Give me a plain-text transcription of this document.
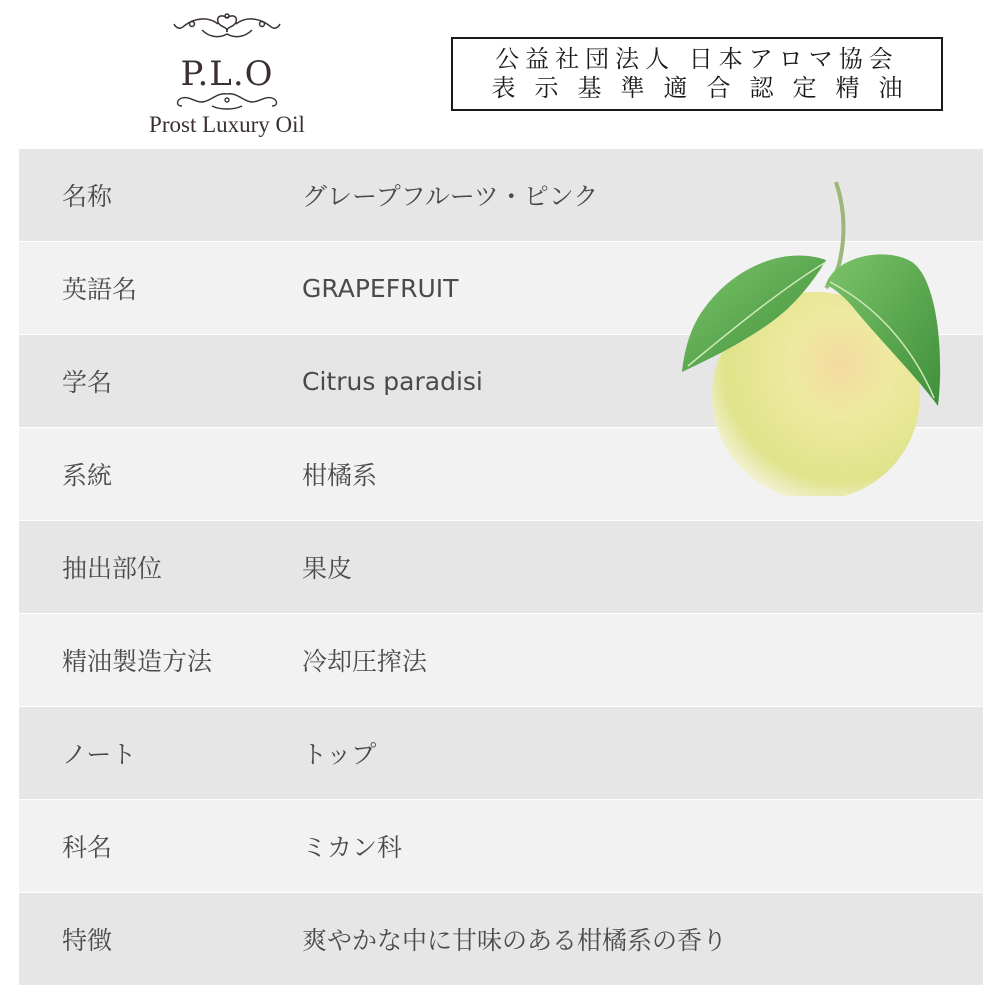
P.L.O
Prost Luxury Oil
公益社団法人 日本アロマ協会
表示基準適合認定精油
名称	グレープフルーツ・ピンク
英語名	GRAPEFRUIT
学名	Citrus paradisi
系統	柑橘系
抽出部位	果皮
精油製造方法	冷却圧搾法
ノート	トップ
科名	ミカン科
特徴	爽やかな中に甘味のある柑橘系の香り
